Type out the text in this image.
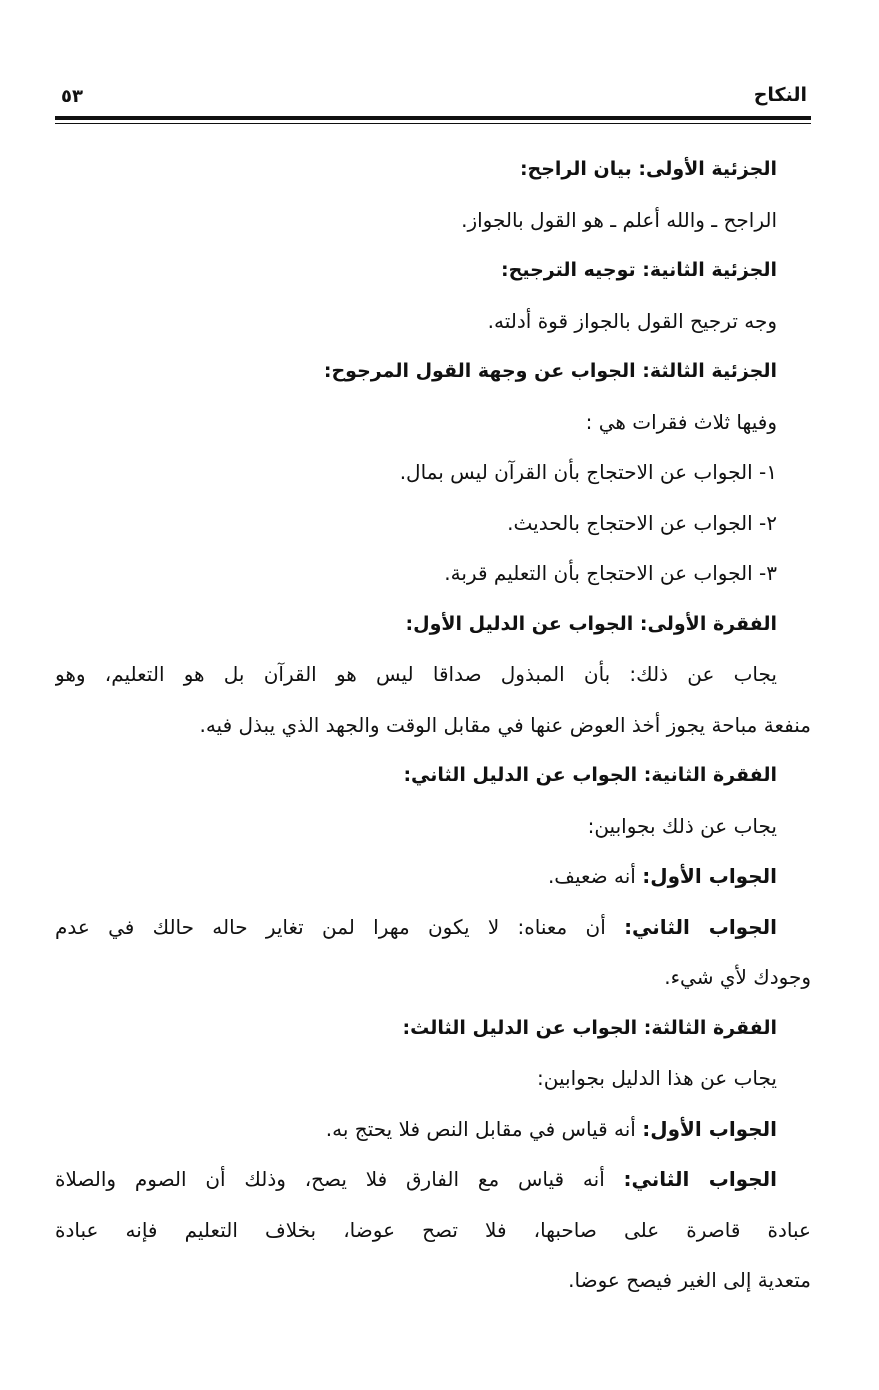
النكاح
٥٣
الجزئية الأولى: بيان الراجح:
الراجح ـ والله أعلم ـ هو القول بالجواز.
الجزئية الثانية: توجيه الترجيح:
وجه ترجيح القول بالجواز قوة أدلته.
الجزئية الثالثة: الجواب عن وجهة القول المرجوح:
وفيها ثلاث فقرات هي :
١- الجواب عن الاحتجاج بأن القرآن ليس بمال.
٢- الجواب عن الاحتجاج بالحديث.
٣- الجواب عن الاحتجاج بأن التعليم قربة.
الفقرة الأولى: الجواب عن الدليل الأول:
يجاب عن ذلك: بأن المبذول صداقا ليس هو القرآن بل هو التعليم، وهو
منفعة مباحة يجوز أخذ العوض عنها في مقابل الوقت والجهد الذي يبذل فيه.
الفقرة الثانية: الجواب عن الدليل الثاني:
يجاب عن ذلك بجوابين:
الجواب الأول: أنه ضعيف.
الجواب الثاني: أن معناه: لا يكون مهرا لمن تغاير حاله حالك في عدم
وجودك لأي شيء.
الفقرة الثالثة: الجواب عن الدليل الثالث:
يجاب عن هذا الدليل بجوابين:
الجواب الأول: أنه قياس في مقابل النص فلا يحتج به.
الجواب الثاني: أنه قياس مع الفارق فلا يصح، وذلك أن الصوم والصلاة
عبادة قاصرة على صاحبها، فلا تصح عوضا، بخلاف التعليم فإنه عبادة
متعدية إلى الغير فيصح عوضا.
